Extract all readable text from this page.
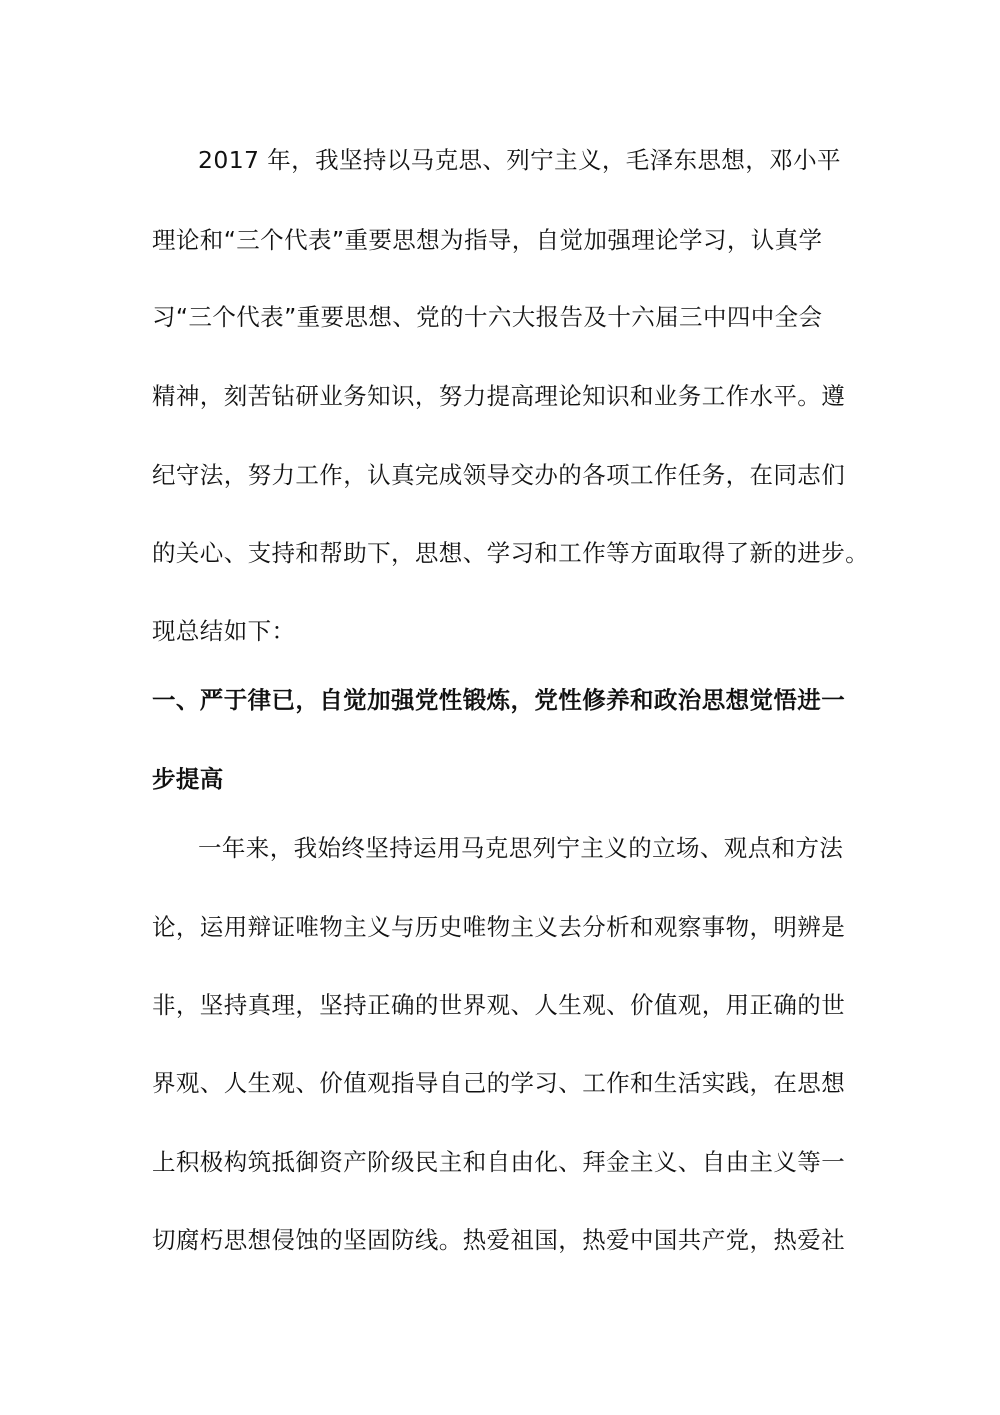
2017 年，我坚持以马克思、列宁主义，毛泽东思想，邓小平
理论和“三个代表”重要思想为指导，自觉加强理论学习，认真学
习“三个代表”重要思想、党的十六大报告及十六届三中四中全会
精神，刻苦钻研业务知识，努力提高理论知识和业务工作水平。遵
纪守法，努力工作，认真完成领导交办的各项工作任务，在同志们
的关心、支持和帮助下，思想、学习和工作等方面取得了新的进步。
现总结如下：
一、严于律已，自觉加强党性锻炼，党性修养和政治思想觉悟进一
步提高
一年来，我始终坚持运用马克思列宁主义的立场、观点和方法
论，运用辩证唯物主义与历史唯物主义去分析和观察事物，明辨是
非，坚持真理，坚持正确的世界观、人生观、价值观，用正确的世
界观、人生观、价值观指导自己的学习、工作和生活实践，在思想
上积极构筑抵御资产阶级民主和自由化、拜金主义、自由主义等一
切腐朽思想侵蚀的坚固防线。热爱祖国，热爱中国共产党，热爱社
